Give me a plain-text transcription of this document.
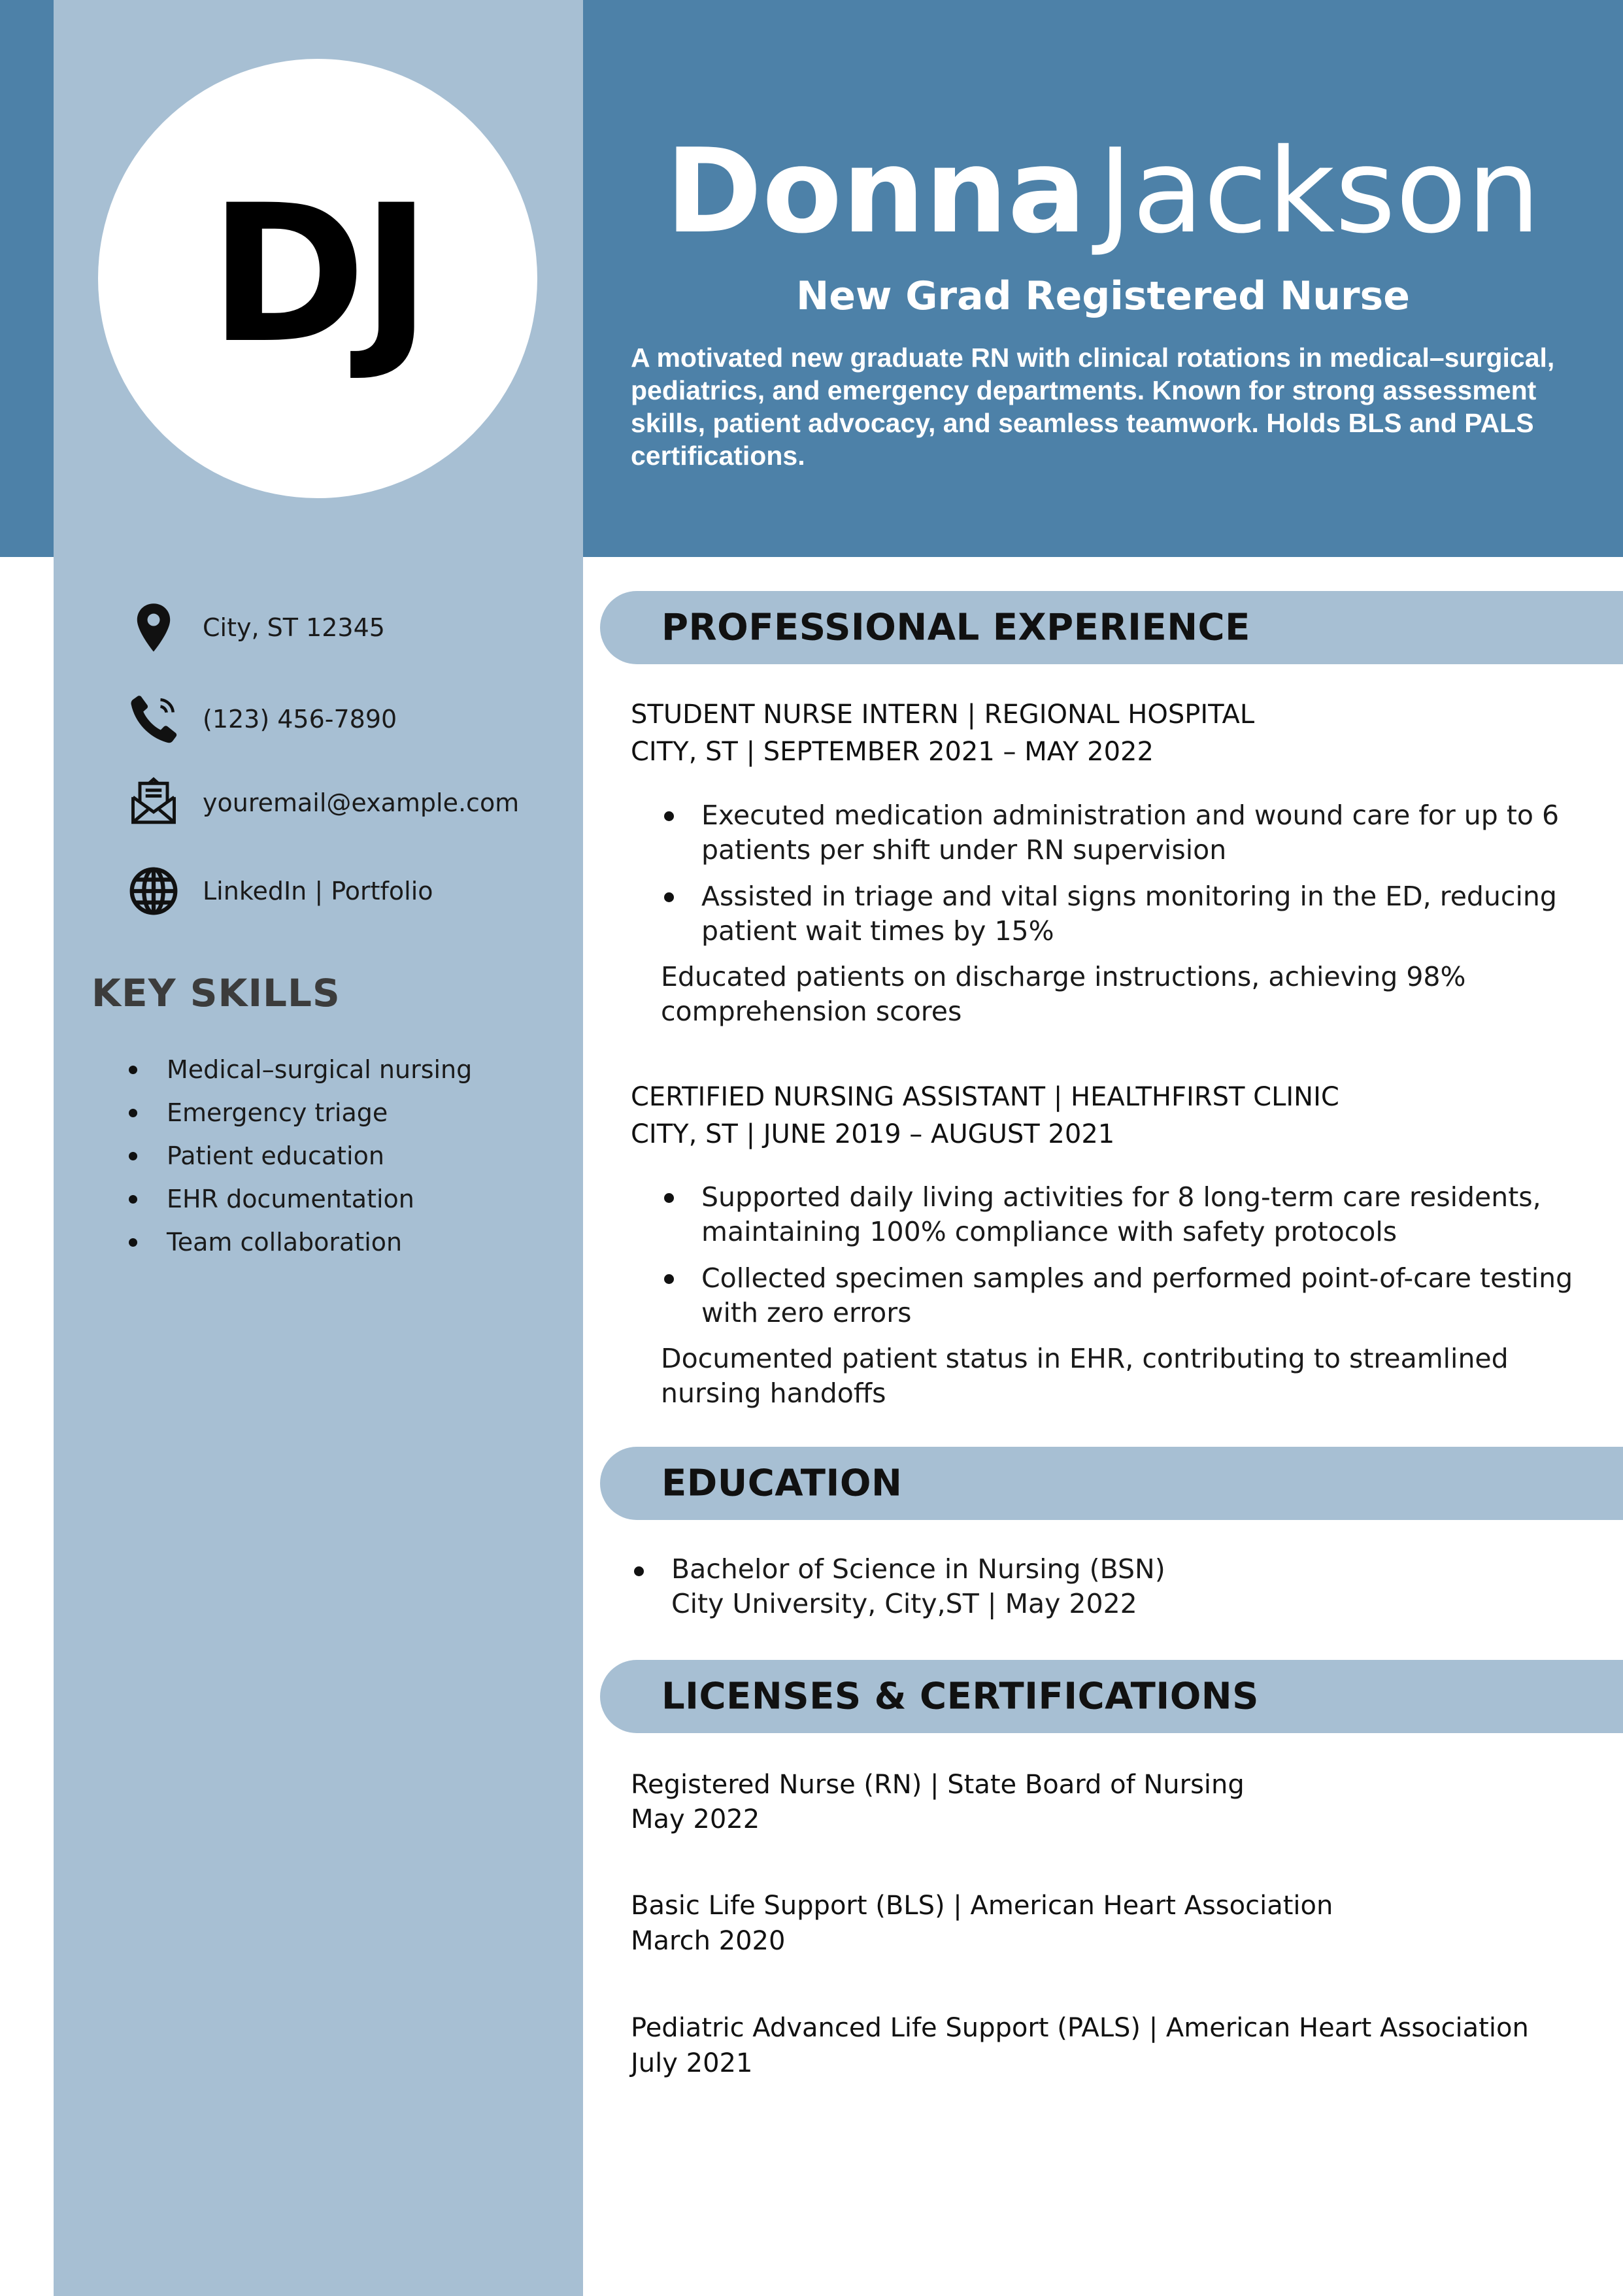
DJ	Donna Jackson
New Grad Registered Nurse
A motivated new graduate RN with clinical rotations in medical–surgical, pediatrics, and emergency departments. Known for strong assessment skills, patient advocacy, and seamless teamwork. Holds BLS and PALS certifications.
City, ST 12345
(123) 456-7890
youremail@example.com
LinkedIn | Portfolio
KEY SKILLS
Medical–surgical nursing
Emergency triage
Patient education
EHR documentation
Team collaboration
PROFESSIONAL EXPERIENCE
STUDENT NURSE INTERN | REGIONAL HOSPITAL
CITY, ST | SEPTEMBER 2021 – MAY 2022
Executed medication administration and wound care for up to 6 patients per shift under RN supervision
Assisted in triage and vital signs monitoring in the ED, reducing patient wait times by 15%
Educated patients on discharge instructions, achieving 98% comprehension scores
CERTIFIED NURSING ASSISTANT | HEALTHFIRST CLINIC
CITY, ST | JUNE 2019 – AUGUST 2021
Supported daily living activities for 8 long-term care residents, maintaining 100% compliance with safety protocols
Collected specimen samples and performed point-of-care testing with zero errors
Documented patient status in EHR, contributing to streamlined nursing handoffs
EDUCATION
Bachelor of Science in Nursing (BSN)
City University, City,ST | May 2022
LICENSES & CERTIFICATIONS
Registered Nurse (RN) | State Board of Nursing
May 2022
Basic Life Support (BLS) | American Heart Association
March 2020
Pediatric Advanced Life Support (PALS) | American Heart Association
July 2021
